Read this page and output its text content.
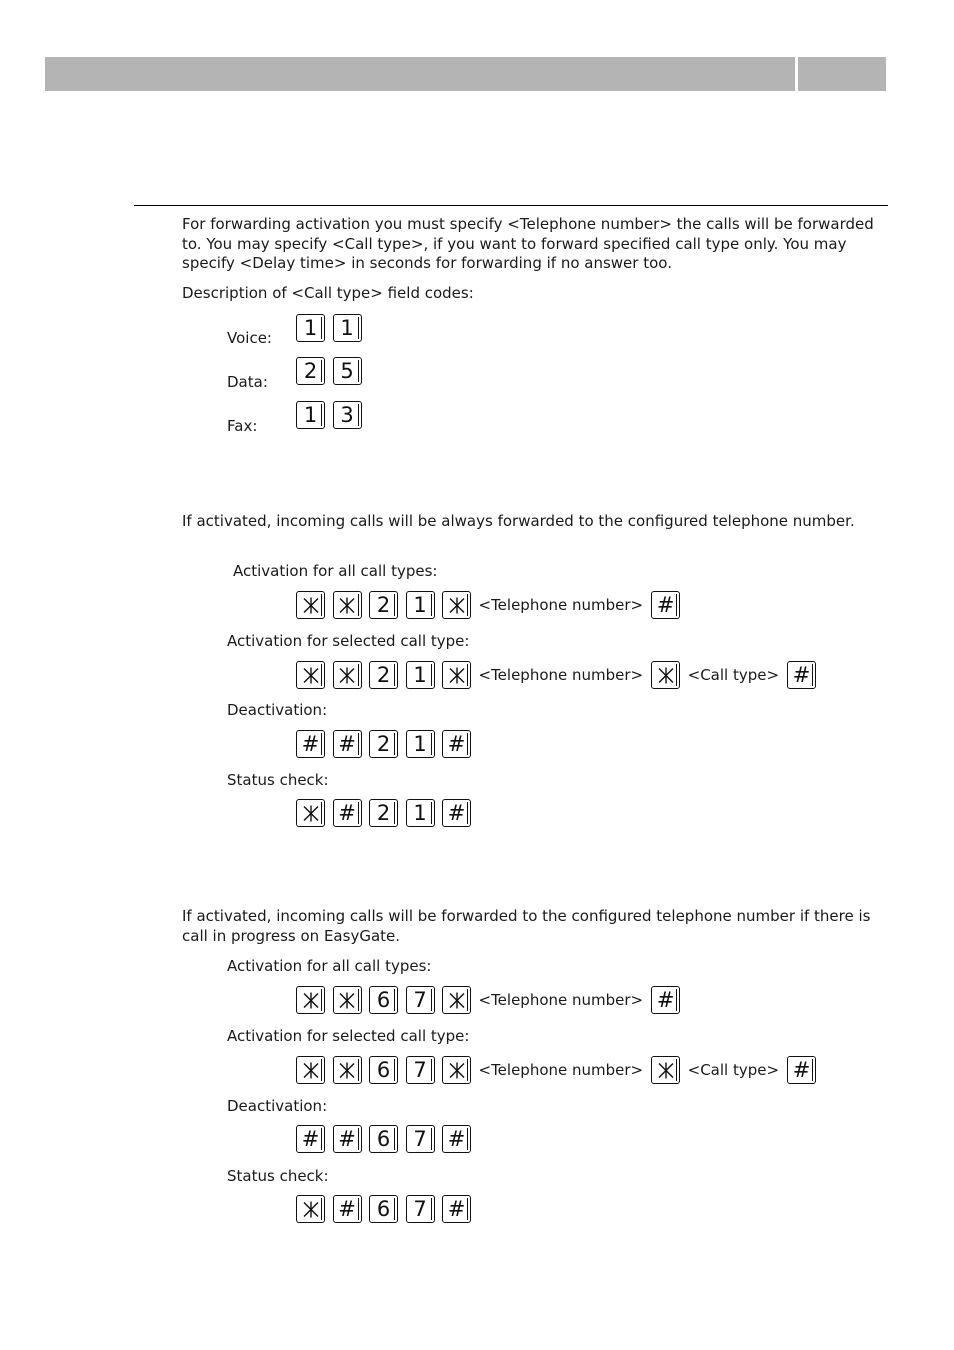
For forwarding activation you must specify <Telephone number> the calls will be forwarded to. You may specify <Call type>, if you want to forward specified call type only. You may specify <Delay time> in seconds for forwarding if no answer too.

Description of <Call type> field codes:

Voice:	1	1
Data:	2	5
Fax:	1	3

If activated, incoming calls will be always forwarded to the configured telephone number.

Activation for all call types:
2	1	<Telephone number> #
Activation for selected call type:
2	1	<Telephone number>	<Call type> #
Deactivation:
# #	2	1	#
Status check:
#	2	1	#

If activated, incoming calls will be forwarded to the configured telephone number if there is call in progress on EasyGate.

Activation for all call types:
6	7	<Telephone number> #
Activation for selected call type:
6	7	<Telephone number>	<Call type> #
Deactivation:
# #	6	7	#
Status check:
#	6	7	#
